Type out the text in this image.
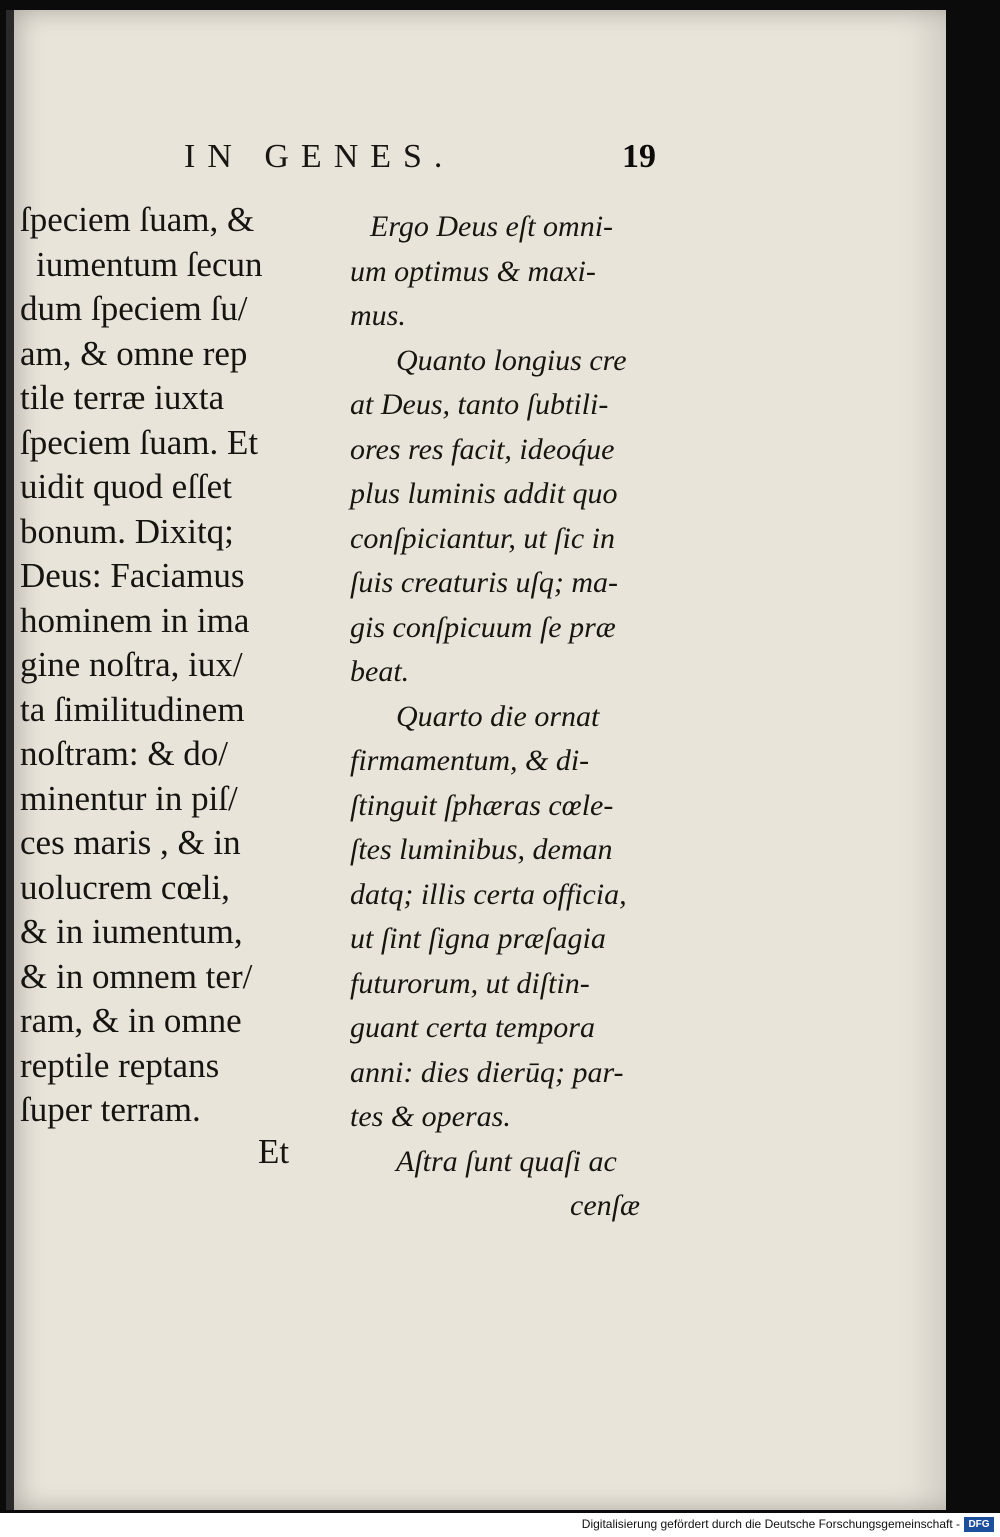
IN GENES.	19
ſpeciem ſuam, &
iumentum ſecun
dum ſpeciem ſu/
am, & omne rep
tile terræ iuxta
ſpeciem ſuam. Et
uidit quod eſſet
bonum. Dixitq;
Deus: Faciamus
hominem in ima
gine noſtra, iux/
ta ſimilitudinem
noſtram: & do/
minentur in piſ/
ces maris , & in
uolucrem cœli,
& in iumentum,
& in omnem ter/
ram, & in omne
reptile reptans
ſuper terram.
Et
Ergo Deus eſt omni-
um optimus & maxi-
mus.
Quanto longius cre
at Deus, tanto ſubtili-
ores res facit, ideoq́ue
plus luminis addit quo
conſpiciantur, ut ſic in
ſuis creaturis uſq; ma-
gis conſpicuum ſe præ
beat.
Quarto die ornat
firmamentum, & di-
ſtinguit ſphæras cœle-
ſtes luminibus, deman
datq; illis certa officia,
ut ſint ſigna præſagia
futurorum, ut diſtin-
guant certa tempora
anni: dies dierūq; par-
tes & operas.
Aſtra ſunt quaſi ac
cenſæ
Digitalisierung gefördert durch die Deutsche Forschungsgemeinschaft - DFG
